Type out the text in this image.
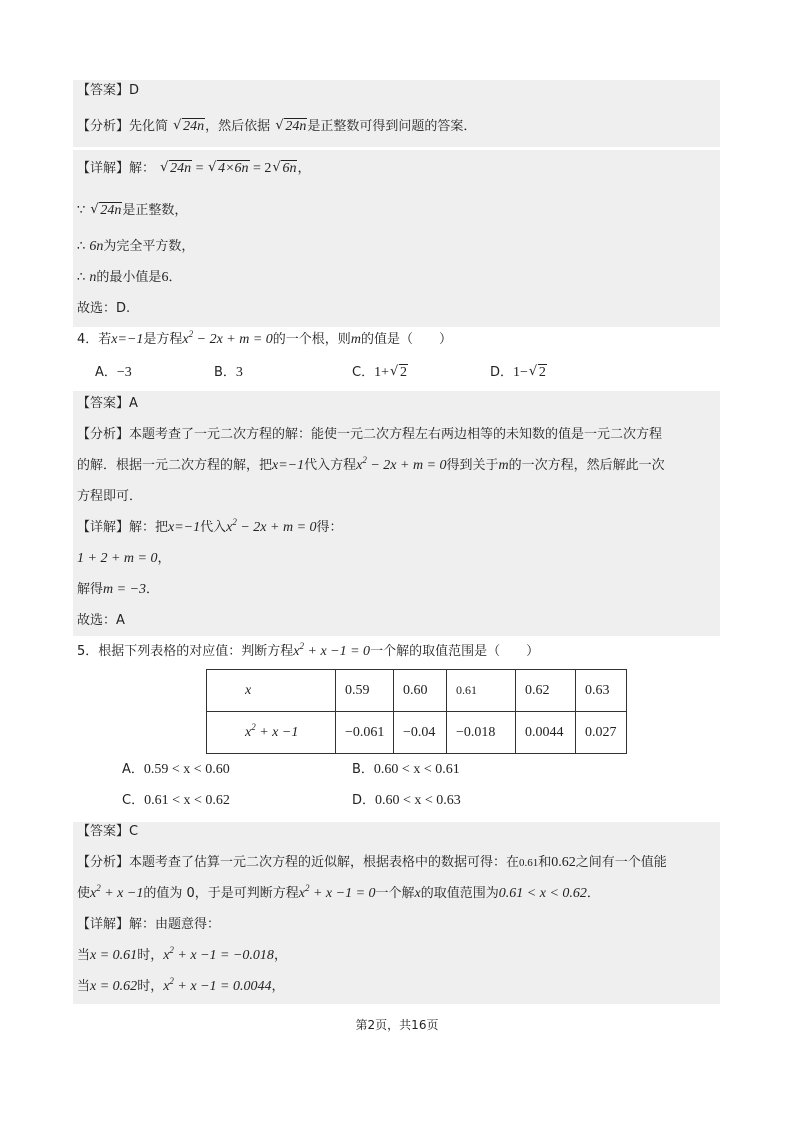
【答案】D
【分析】先化简 √ 24n，然后依据 √ 24n是正整数可得到问题的答案．
【详解】解： √ 24n = √ 4×6n = 2 √ 6n，
∵ √ 24n是正整数，
∴ 6n为完全平方数，
∴ n的最小值是6．
故选：D.
4．若x=−1是方程$x^2 - 2x + m = 0$的一个根，则m的值是（　　）
A．−3	B．3	C．1+ √ 2	D．1− √ 2
【答案】A
【分析】本题考查了一元二次方程的解：能使一元二次方程左右两边相等的未知数的值是一元二次方程
的解．根据一元二次方程的解，把x=−1代入方程$x^2 - 2x + m = 0$得到关于m的一次方程，然后解此一次
方程即可．
【详解】解：把x=−1代入$x^2 - 2x + m = 0$得：
1 + 2 + m = 0，
解得m = −3．
故选：A
5．根据下列表格的对应值：判断方程$x^2 + x -1 = 0$一个解的取值范围是（　　）
x	0.59	0.60	0.61	0.62	0.63
$x^2 + x -1$	−0.061	−0.04	−0.018	0.0044	0.027
A．0.59 < x < 0.60	B．0.60 < x < 0.61
C．0.61 < x < 0.62	D．0.60 < x < 0.63
【答案】C
【分析】本题考查了估算一元二次方程的近似解，根据表格中的数据可得：在0.61和0.62之间有一个值能
使$x^2 + x -1$的值为 0，于是可判断方程$x^2 + x -1 = 0$一个解x的取值范围为0.61 < x < 0.62．
【详解】解：由题意得：
当x = 0.61时，$x^2 + x -1 = -0.018$，
当x = 0.62时，$x^2 + x -1 = 0.0044$，
第2页，共16页
